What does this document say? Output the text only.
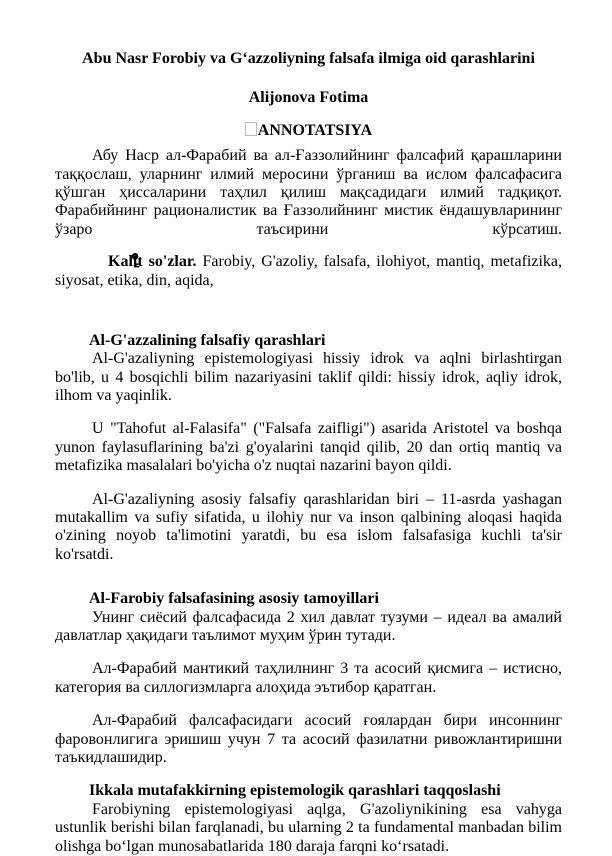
Abu Nasr Forobiy va G‘azzoliyning falsafa ilmiga oid qarashlarini

Alijonova Fotima

ANNOTATSIYA

Абу Наср ал-Фарабий ва ал-Ғаззолийнинг фалсафий қарашларини таққослаш, уларнинг илмий меросини ўрганиш ва ислом фалсафасига қўшган ҳиссаларини таҳлил қилиш мақсадидаги илмий тадқиқот. Фарабийнинг рационалистик ва Ғаззолийнинг мистик ёндашувларининг ўзаро таъсирини кўрсатиш.

Kalit so'zlar. Farobiy, G'azoliy, falsafa, ilohiyot, mantiq, metafizika, siyosat, etika, din, aqida,

Al-G'azzalining falsafiy qarashlari

Al-G'azaliyning epistemologiyasi hissiy idrok va aqlni birlashtirgan bo'lib, u 4 bosqichli bilim nazariyasini taklif qildi: hissiy idrok, aqliy idrok, ilhom va yaqinlik.

U "Tahofut al-Falasifa" ("Falsafa zaifligi") asarida Aristotel va boshqa yunon faylasuflarining ba'zi g'oyalarini tanqid qilib, 20 dan ortiq mantiq va metafizika masalalari bo'yicha o'z nuqtai nazarini bayon qildi.

Al-G'azaliyning asosiy falsafiy qarashlaridan biri – 11-asrda yashagan mutakallim va sufiy sifatida, u ilohiy nur va inson qalbining aloqasi haqida o'zining noyob ta'limotini yaratdi, bu esa islom falsafasiga kuchli ta'sir ko'rsatdi.

Al-Farobiy falsafasining asosiy tamoyillari

Унинг сиёсий фалсафасида 2 хил давлат тузуми – идеал ва амалий давлатлар ҳақидаги таълимот муҳим ўрин тутади.

Ал-Фарабий мантикий таҳлилнинг 3 та асосий қисмига – истисно, категория ва силлогизмларга алоҳида эътибор қаратган.

Ал-Фарабий фалсафасидаги асосий ғоялардан бири инсоннинг фаровонлигига эришиш учун 7 та асосий фазилатни ривожлантиришни таъкидлашидир.

Ikkala mutafakkirning epistemologik qarashlari taqqoslashi

Farobiyning epistemologiyasi aqlga, G'azoliynikining esa vahyga ustunlik berishi bilan farqlanadi, bu ularning 2 ta fundamental manbadan bilim olishga bo‘lgan munosabatlarida 180 daraja farqni ko‘rsatadi.
